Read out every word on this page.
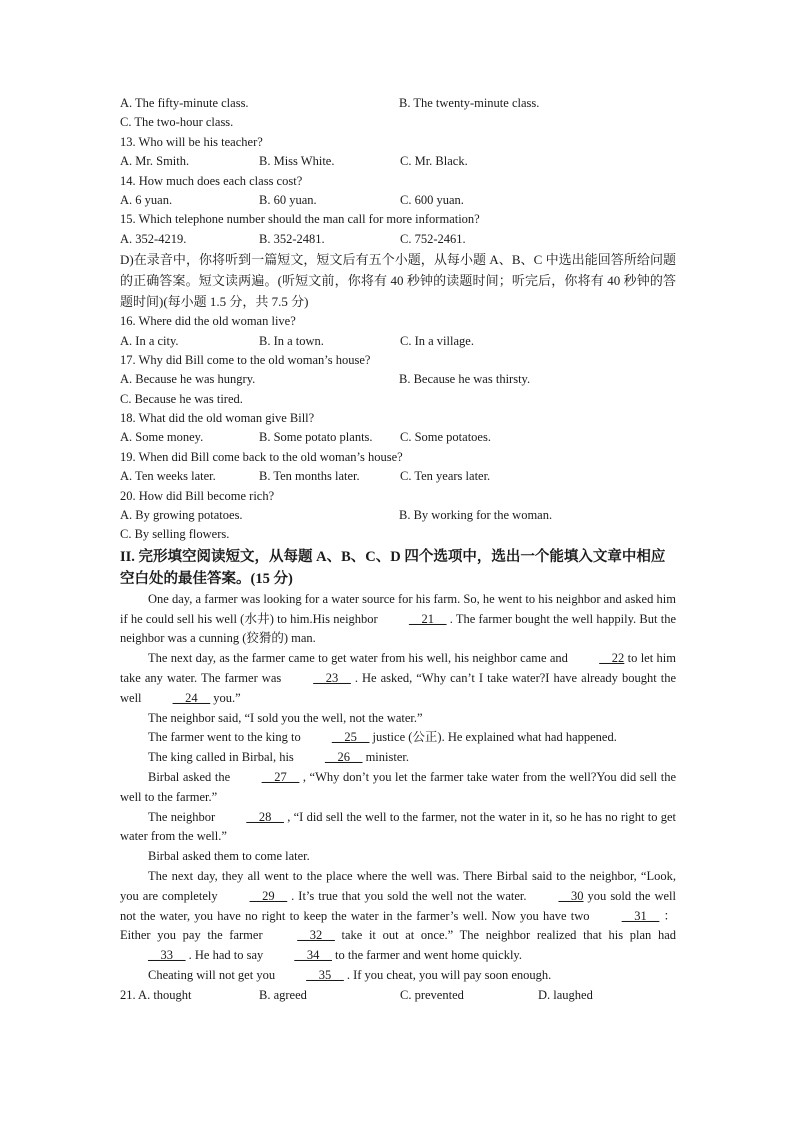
A. The fifty-minute class.	B. The twenty-minute class.
C. The two-hour class.
13. Who will be his teacher?
A. Mr. Smith.	B. Miss White.	C. Mr. Black.
14. How much does each class cost?
A. 6 yuan.	B. 60 yuan.	C. 600 yuan.
15. Which telephone number should the man call for more information?
A. 352-4219.	B. 352-2481.	C. 752-2461.
D)在录音中，你将听到一篇短文，短文后有五个小题，从每小题 A、B、C 中选出能回答所给问题的正确答案。短文读两遍。(听短文前，你将有 40 秒钟的读题时间；听完后，你将有 40 秒钟的答题时间)(每小题 1.5 分，共 7.5 分)
16. Where did the old woman live?
A. In a city.	B. In a town.	C. In a village.
17. Why did Bill come to the old woman’s house?
A. Because he was hungry.	B. Because he was thirsty.
C. Because he was tired.
18. What did the old woman give Bill?
A. Some money.	B. Some potato plants. C. Some potatoes.
19. When did Bill come back to the old woman’s house?
A. Ten weeks later.	B. Ten months later.	C. Ten years later.
20. How did Bill become rich?
A. By growing potatoes.	B. By working for the woman.
C. By selling flowers.
II. 完形填空阅读短文，从每题 A、B、C、D 四个选项中，选出一个能填入文章中相应空白处的最佳答案。(15 分)

One day, a farmer was looking for a water source for his farm. So, he went to his neighbor and asked him if he could sell his well (水井) to him.His neighbor __21__ . The farmer bought the well happily. But the neighbor was a cunning (狡猾的) man.

The next day, as the farmer came to get water from his well, his neighbor came and __22 to let him take any water. The farmer was __23__ . He asked, “Why can’t I take water?I have already bought the well __24__ you.”

The neighbor said, “I sold you the well, not the water.”

The farmer went to the king to __25__ justice (公正). He explained what had happened.

The king called in Birbal, his __26__ minister.

Birbal asked the __27__ , “Why don’t you let the farmer take water from the well?You did sell the well to the farmer.”

The neighbor __28__ , “I did sell the well to the farmer, not the water in it, so he has no right to get water from the well.”

Birbal asked them to come later.

The next day, they all went to the place where the well was. There Birbal said to the neighbor, “Look, you are completely __29__ . It’s true that you sold the well not the water. __30 you sold the well not the water, you have no right to keep the water in the farmer’s well. Now you have two __31__ ： Either you pay the farmer __32__ take it out at once.” The neighbor realized that his plan had __33__ . He had to say __34__ to the farmer and went home quickly.

Cheating will not get you __35__ . If you cheat, you will pay soon enough.

21. A. thought	B. agreed	C. prevented	D. laughed
